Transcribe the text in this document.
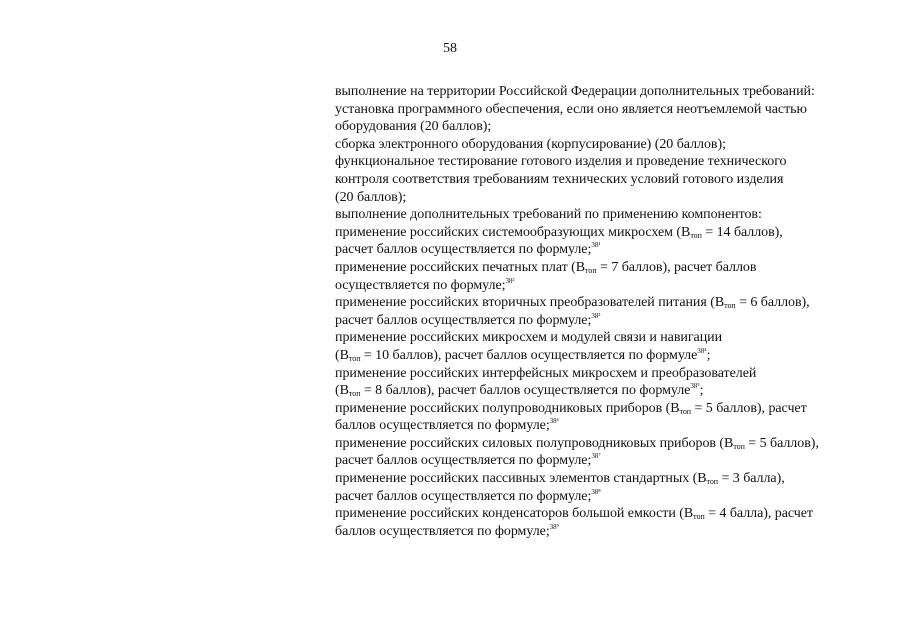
58
выполнение на территории Российской Федерации дополнительных требований:
установка программного обеспечения, если оно является неотъемлемой частью
оборудования (20 баллов);
сборка электронного оборудования (корпусирование) (20 баллов);
функциональное тестирование готового изделия и проведение технического
контроля соответствия требованиям технических условий готового изделия
(20 баллов);
выполнение дополнительных требований по применению компонентов:
применение российских системообразующих микросхем ($В_{топ} = 14$ баллов),
расчет баллов осуществляется по формуле;$^{38^1}$
применение российских печатных плат ($В_{топ} = 7$ баллов), расчет баллов
осуществляется по формуле;$^{38^2}$
применение российских вторичных преобразователей питания ($В_{топ} = 6$ баллов),
расчет баллов осуществляется по формуле;$^{38^3}$
применение российских микросхем и модулей связи и навигации
($В_{топ} = 10$ баллов), расчет баллов осуществляется по формуле$^{38^4}$;
применение российских интерфейсных микросхем и преобразователей
($В_{топ} = 8$ баллов), расчет баллов осуществляется по формуле$^{38^5}$;
применение российских полупроводниковых приборов ($В_{топ} = 5$ баллов), расчет
баллов осуществляется по формуле;$^{38^6}$
применение российских силовых полупроводниковых приборов ($В_{топ} = 5$ баллов),
расчет баллов осуществляется по формуле;$^{38^7}$
применение российских пассивных элементов стандартных ($В_{топ} = 3$ балла),
расчет баллов осуществляется по формуле;$^{38^8}$
применение российских конденсаторов большой емкости ($В_{топ} = 4$ балла), расчет
баллов осуществляется по формуле;$^{38^9}$
